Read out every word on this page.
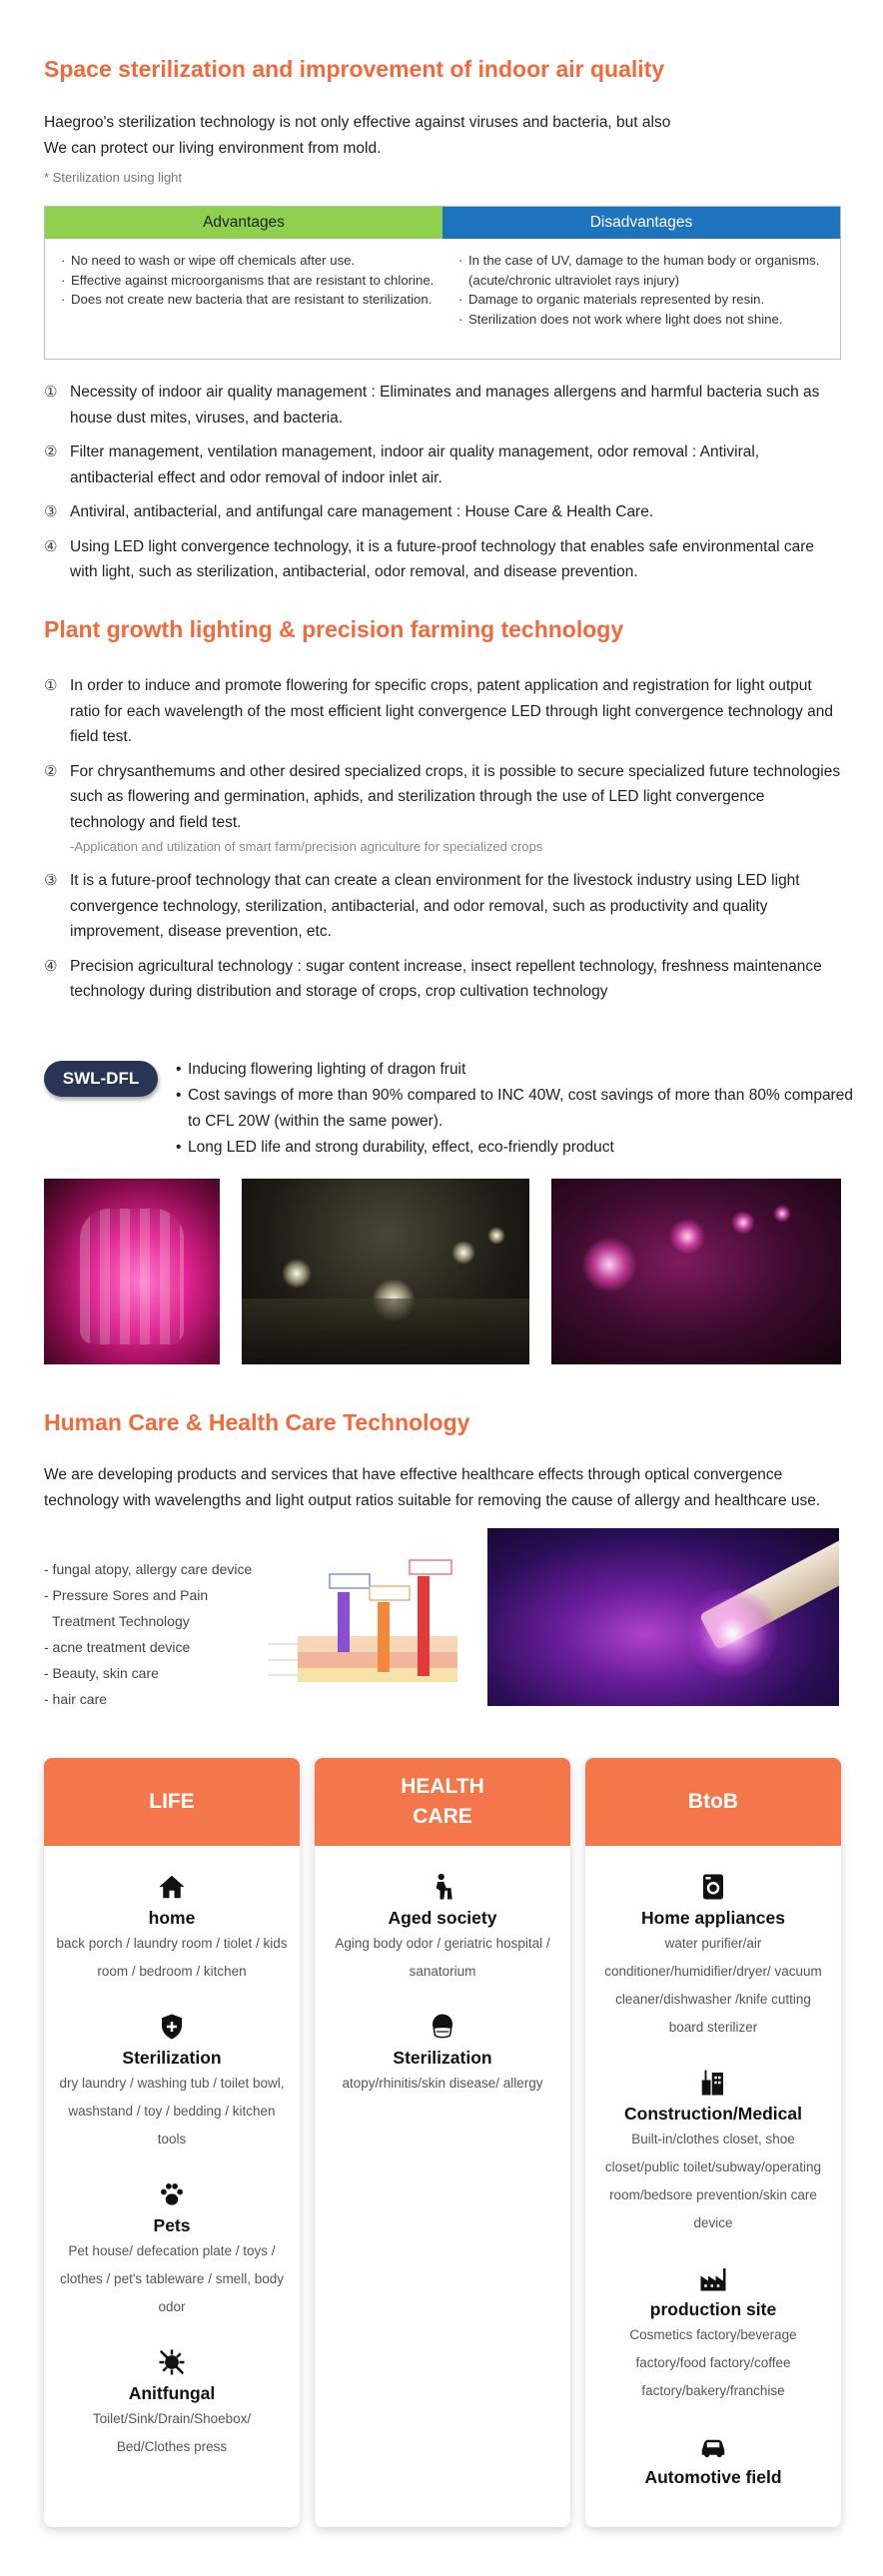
Space sterilization and improvement of indoor air quality
Haegroo's sterilization technology is not only effective against viruses and bacteria, but also
We can protect our living environment from mold.
* Sterilization using light
Advantages	Disadvantages
· No need to wash or wipe off chemicals after use.
· Effective against microorganisms that are resistant to chlorine.
· Does not create new bacteria that are resistant to sterilization.
· In the case of UV, damage to the human body or organisms. (acute/chronic ultraviolet rays injury)
· Damage to organic materials represented by resin.
· Sterilization does not work where light does not shine.
① Necessity of indoor air quality management : Eliminates and manages allergens and harmful bacteria such as house dust mites, viruses, and bacteria.
② Filter management, ventilation management, indoor air quality management, odor removal : Antiviral, antibacterial effect and odor removal of indoor inlet air.
③ Antiviral, antibacterial, and antifungal care management : House Care & Health Care.
④ Using LED light convergence technology, it is a future-proof technology that enables safe environmental care with light, such as sterilization, antibacterial, odor removal, and disease prevention.
Plant growth lighting & precision farming technology
① In order to induce and promote flowering for specific crops, patent application and registration for light output ratio for each wavelength of the most efficient light convergence LED through light convergence technology and field test.
② For chrysanthemums and other desired specialized crops, it is possible to secure specialized future technologies such as flowering and germination, aphids, and sterilization through the use of LED light convergence technology and field test.
-Application and utilization of smart farm/precision agriculture for specialized crops
③ It is a future-proof technology that can create a clean environment for the livestock industry using LED light convergence technology, sterilization, antibacterial, and odor removal, such as productivity and quality improvement, disease prevention, etc.
④ Precision agricultural technology : sugar content increase, insect repellent technology, freshness maintenance technology during distribution and storage of crops, crop cultivation technology
SWL-DFL
•	Inducing flowering lighting of dragon fruit
• Cost savings of more than 90% compared to INC 40W, cost savings of more than 80% compared to CFL 20W (within the same power).
• Long LED life and strong durability, effect, eco-friendly product
Human Care & Health Care Technology
We are developing products and services that have effective healthcare effects through optical convergence technology with wavelengths and light output ratios suitable for removing the cause of allergy and healthcare use.
- fungal atopy, allergy care device
- Pressure Sores and Pain
Treatment Technology
- acne treatment device
- Beauty, skin care
- hair care
LIFE
home
back porch / laundry room / tiolet / kids room / bedroom / kitchen
Sterilization
dry laundry / washing tub / toilet bowl, washstand / toy / bedding / kitchen tools
Pets
Pet house/ defecation plate / toys / clothes / pet's tableware / smell, body odor
Anitfungal
Toilet/Sink/Drain/Shoebox/ Bed/Clothes press
HEALTH CARE
Aged society
Aging body odor / geriatric hospital / sanatorium
Sterilization
atopy/rhinitis/skin disease/ allergy
BtoB
Home appliances
water purifier/air conditioner/humidifier/dryer/ vacuum cleaner/dishwasher /knife cutting board sterilizer
Construction/Medical
Built-in/clothes closet, shoe closet/public toilet/subway/operating room/bedsore prevention/skin care device
production site
Cosmetics factory/beverage factory/food factory/coffee factory/bakery/franchise
Automotive field
